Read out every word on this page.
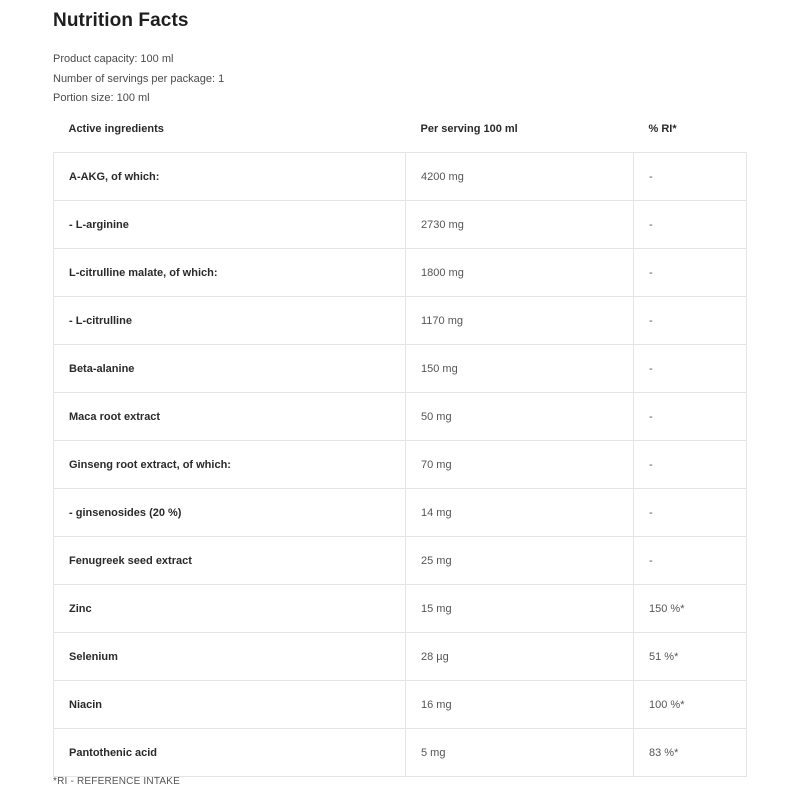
Nutrition Facts
Product capacity: 100 ml
Number of servings per package: 1
Portion size: 100 ml
Active ingredients	Per serving 100 ml	% RI*
A-AKG, of which:	4200 mg	-
- L-arginine	2730 mg	-
L-citrulline malate, of which:	1800 mg	-
- L-citrulline	1170 mg	-
Beta-alanine	150 mg	-
Maca root extract	50 mg	-
Ginseng root extract, of which:	70 mg	-
- ginsenosides (20 %)	14 mg	-
Fenugreek seed extract	25 mg	-
Zinc	15 mg	150 %*
Selenium	28 µg	51 %*
Niacin	16 mg	100 %*
Pantothenic acid	5 mg	83 %*
*RI - REFERENCE INTAKE
